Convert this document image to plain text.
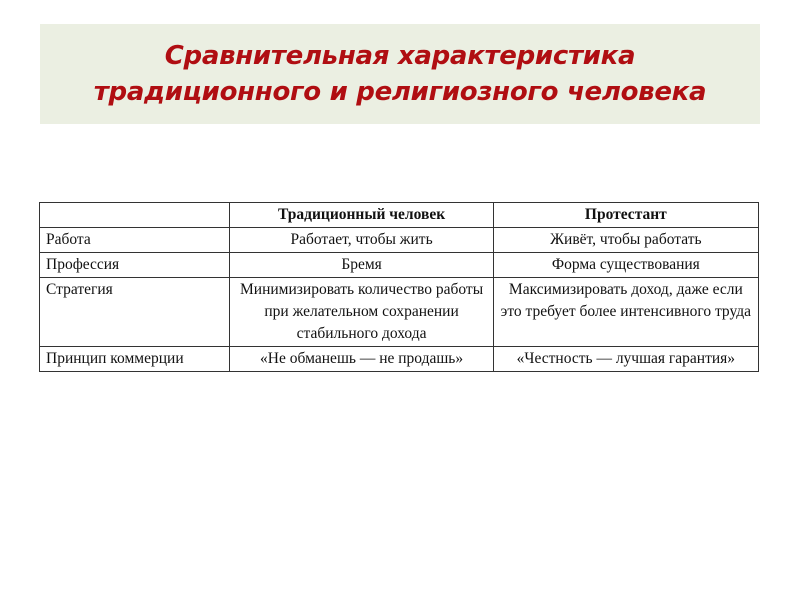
Сравнительная характеристика
традиционного и религиозного человека
	Традиционный человек	Протестант
Работа	Работает, чтобы жить	Живёт, чтобы работать
Профессия	Бремя	Форма существования
Стратегия	Минимизировать количество работы при желательном сохранении стабильного дохода	Максимизировать доход, даже если это требует более интенсивного труда
Принцип коммерции	«Не обманешь — не продашь»	«Честность — лучшая гарантия»
